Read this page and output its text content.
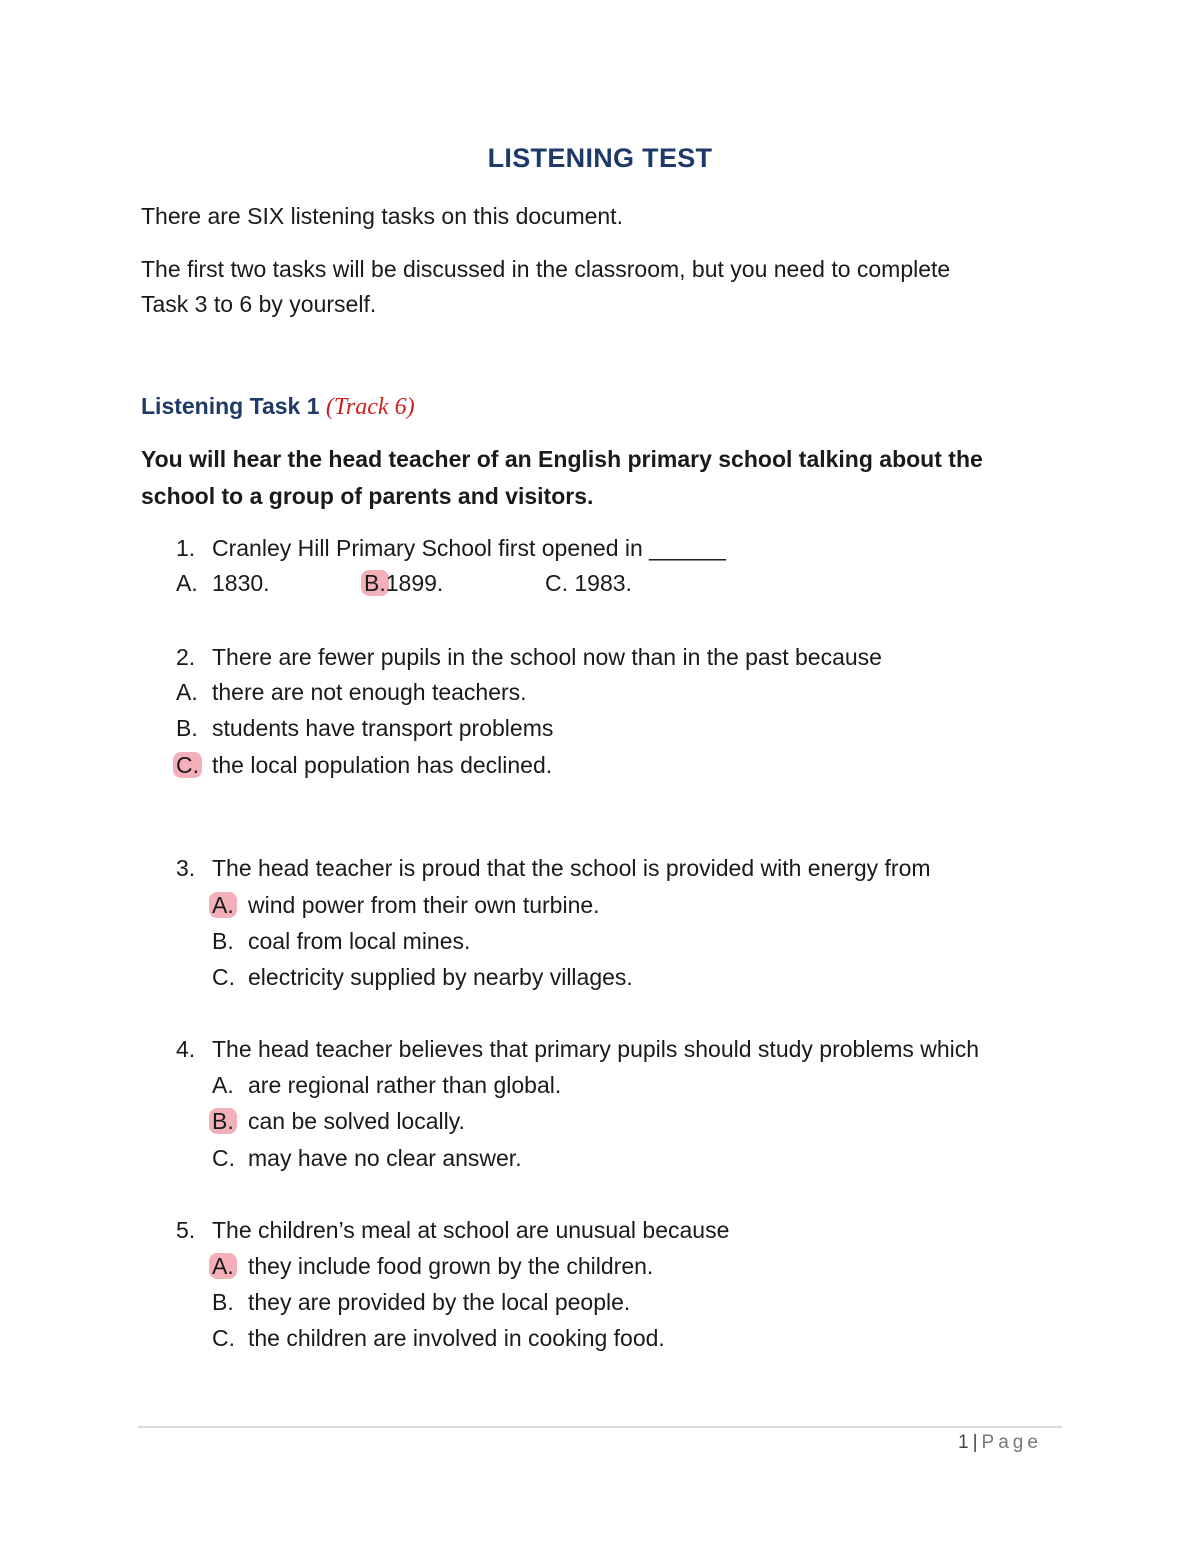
LISTENING TEST
There are SIX listening tasks on this document.
The first two tasks will be discussed in the classroom, but you need to complete
Task 3 to 6 by yourself.
Listening Task 1 (Track 6)
You will hear the head teacher of an English primary school talking about the
school to a group of parents and visitors.
1. Cranley Hill Primary School first opened in ______
A. 1830.	B.1899.	C. 1983.
2. There are fewer pupils in the school now than in the past because
A. there are not enough teachers.
B. students have transport problems
C. the local population has declined.
3. The head teacher is proud that the school is provided with energy from
A. wind power from their own turbine.
B. coal from local mines.
C. electricity supplied by nearby villages.
4. The head teacher believes that primary pupils should study problems which
A. are regional rather than global.
B. can be solved locally.
C. may have no clear answer.
5. The children’s meal at school are unusual because
A. they include food grown by the children.
B. they are provided by the local people.
C. the children are involved in cooking food.
1 | Page
